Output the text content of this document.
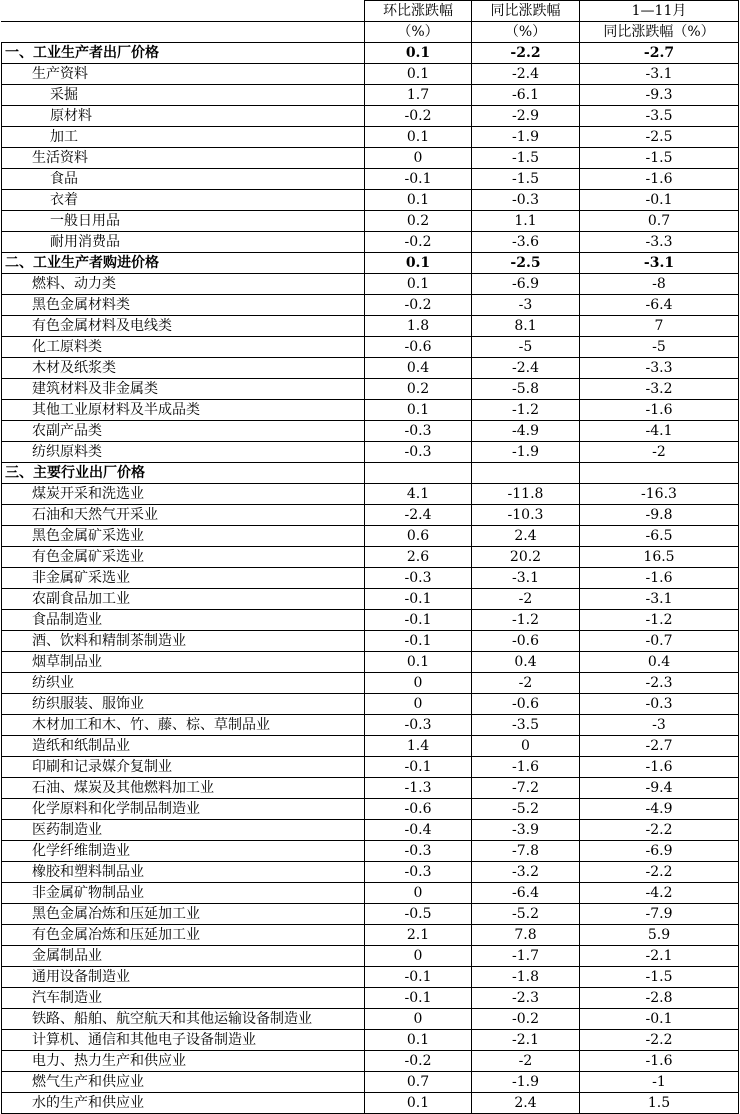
	环比涨跌幅	同比涨跌幅	1—11月
	（%）	（%）	同比涨跌幅（%）
一、工业生产者出厂价格	0.1	-2.2	-2.7
生产资料	0.1	-2.4	-3.1
采掘	1.7	-6.1	-9.3
原材料	-0.2	-2.9	-3.5
加工	0.1	-1.9	-2.5
生活资料	0	-1.5	-1.5
食品	-0.1	-1.5	-1.6
衣着	0.1	-0.3	-0.1
一般日用品	0.2	1.1	0.7
耐用消费品	-0.2	-3.6	-3.3
二、工业生产者购进价格	0.1	-2.5	-3.1
燃料、动力类	0.1	-6.9	-8
黑色金属材料类	-0.2	-3	-6.4
有色金属材料及电线类	1.8	8.1	7
化工原料类	-0.6	-5	-5
木材及纸浆类	0.4	-2.4	-3.3
建筑材料及非金属类	0.2	-5.8	-3.2
其他工业原材料及半成品类	0.1	-1.2	-1.6
农副产品类	-0.3	-4.9	-4.1
纺织原料类	-0.3	-1.9	-2
三、主要行业出厂价格			
煤炭开采和洗选业	4.1	-11.8	-16.3
石油和天然气开采业	-2.4	-10.3	-9.8
黑色金属矿采选业	0.6	2.4	-6.5
有色金属矿采选业	2.6	20.2	16.5
非金属矿采选业	-0.3	-3.1	-1.6
农副食品加工业	-0.1	-2	-3.1
食品制造业	-0.1	-1.2	-1.2
酒、饮料和精制茶制造业	-0.1	-0.6	-0.7
烟草制品业	0.1	0.4	0.4
纺织业	0	-2	-2.3
纺织服装、服饰业	0	-0.6	-0.3
木材加工和木、竹、藤、棕、草制品业	-0.3	-3.5	-3
造纸和纸制品业	1.4	0	-2.7
印刷和记录媒介复制业	-0.1	-1.6	-1.6
石油、煤炭及其他燃料加工业	-1.3	-7.2	-9.4
化学原料和化学制品制造业	-0.6	-5.2	-4.9
医药制造业	-0.4	-3.9	-2.2
化学纤维制造业	-0.3	-7.8	-6.9
橡胶和塑料制品业	-0.3	-3.2	-2.2
非金属矿物制品业	0	-6.4	-4.2
黑色金属冶炼和压延加工业	-0.5	-5.2	-7.9
有色金属冶炼和压延加工业	2.1	7.8	5.9
金属制品业	0	-1.7	-2.1
通用设备制造业	-0.1	-1.8	-1.5
汽车制造业	-0.1	-2.3	-2.8
铁路、船舶、航空航天和其他运输设备制造业	0	-0.2	-0.1
计算机、通信和其他电子设备制造业	0.1	-2.1	-2.2
电力、热力生产和供应业	-0.2	-2	-1.6
燃气生产和供应业	0.7	-1.9	-1
水的生产和供应业	0.1	2.4	1.5
